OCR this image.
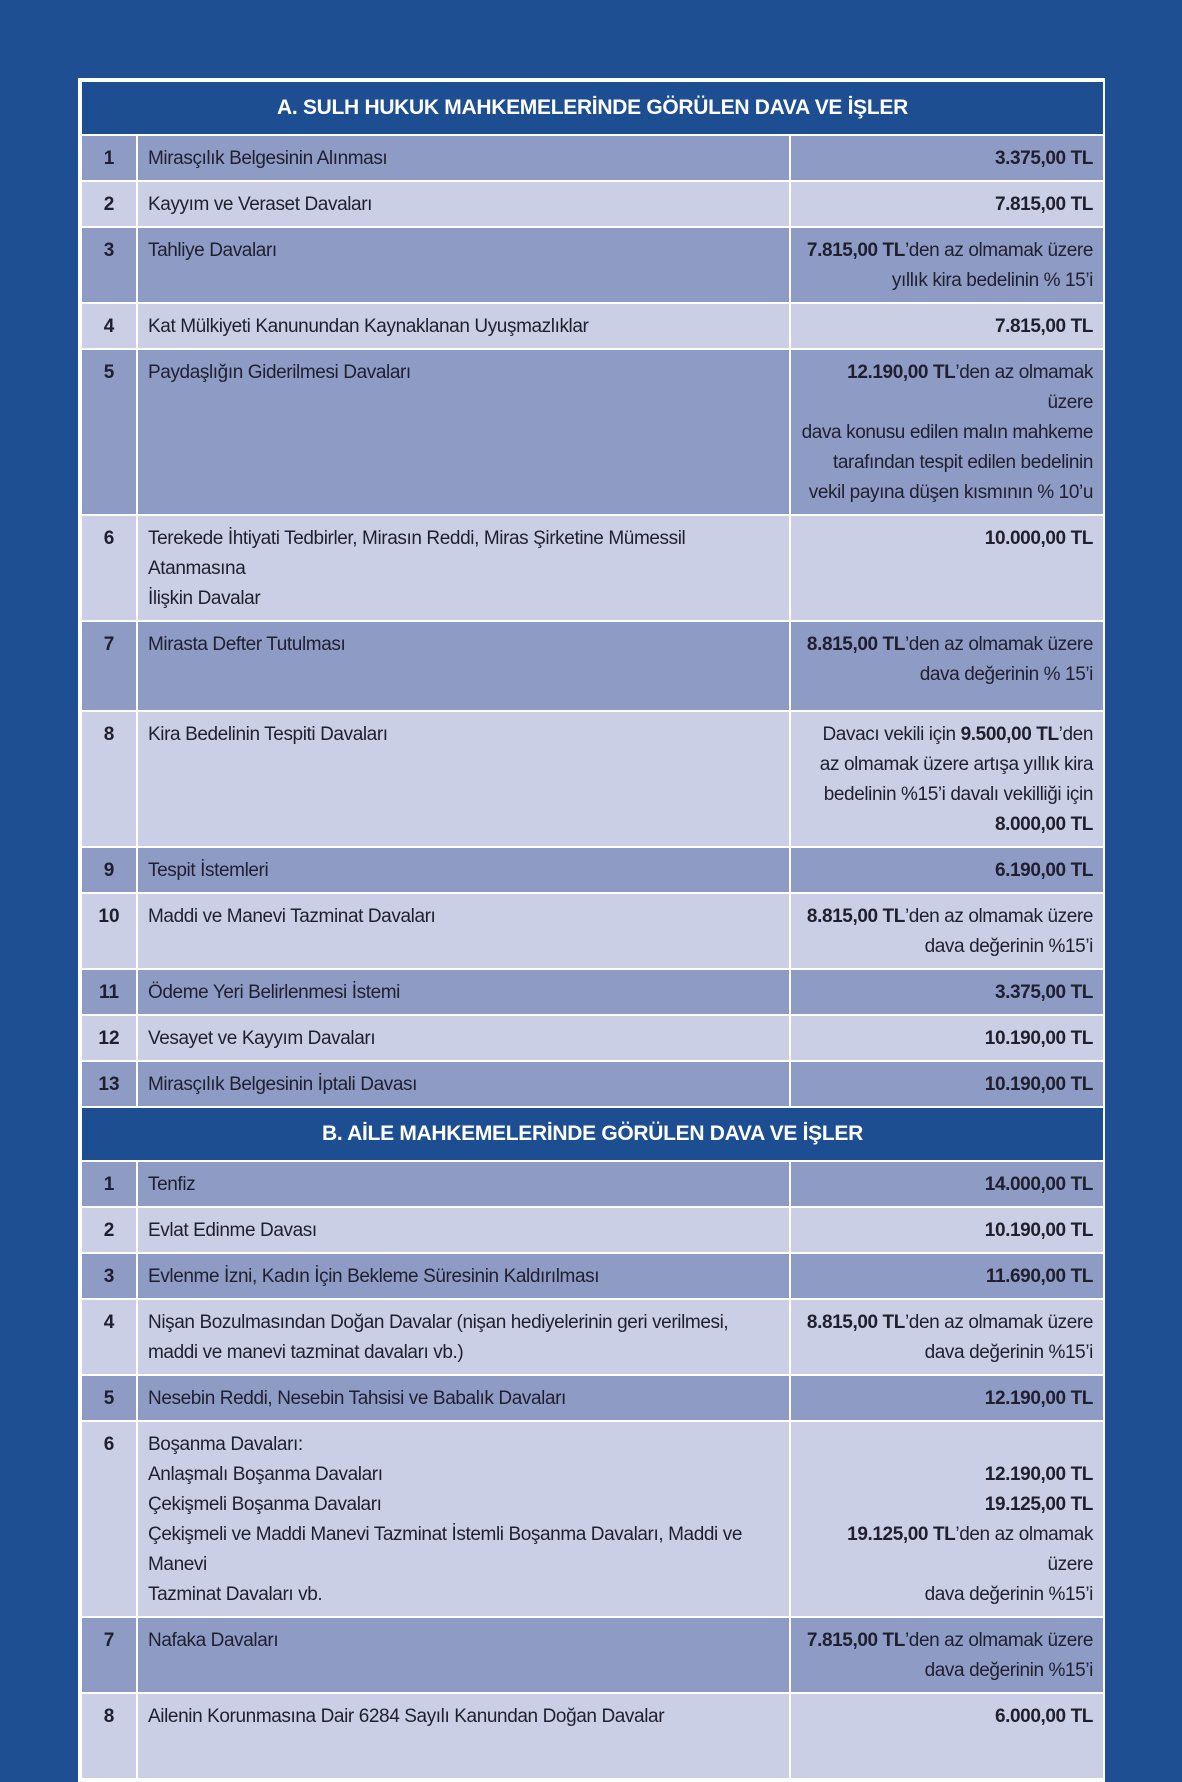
A. SULH HUKUK MAHKEMELERİNDE GÖRÜLEN DAVA VE İŞLER		
1	Mirasçılık Belgesinin Alınması	3.375,00 TL

2	Kayyım ve Veraset Davaları	7.815,00 TL

3	Tahliye Davaları	7.815,00 TL’den az olmamak üzere
yıllık kira bedelinin % 15’i

4	Kat Mülkiyeti Kanunundan Kaynaklanan Uyuşmazlıklar	7.815,00 TL

5	Paydaşlığın Giderilmesi Davaları	12.190,00 TL’den az olmamak üzere
dava konusu edilen malın mahkeme
tarafından tespit edilen bedelinin
vekil payına düşen kısmının % 10’u

6	Terekede İhtiyati Tedbirler, Mirasın Reddi, Miras Şirketine Mümessil Atanmasına
İlişkin Davalar	10.000,00 TL

7	Mirasta Defter Tutulması	8.815,00 TL’den az olmamak üzere
dava değerinin % 15’i

8	Kira Bedelinin Tespiti Davaları	Davacı vekili için 9.500,00 TL’den
az olmamak üzere artışa yıllık kira
bedelinin %15’i davalı vekilliği için
8.000,00 TL

9	Tespit İstemleri	6.190,00 TL

10	Maddi ve Manevi Tazminat Davaları	8.815,00 TL’den az olmamak üzere
dava değerinin %15’i

11	Ödeme Yeri Belirlenmesi İstemi	3.375,00 TL

12	Vesayet ve Kayyım Davaları	10.190,00 TL

13	Mirasçılık Belgesinin İptali Davası	10.190,00 TL

B. AİLE MAHKEMELERİNDE GÖRÜLEN DAVA VE İŞLER		
1	Tenfiz	14.000,00 TL

2	Evlat Edinme Davası	10.190,00 TL

3	Evlenme İzni, Kadın İçin Bekleme Süresinin Kaldırılması	11.690,00 TL

4	Nişan Bozulmasından Doğan Davalar (nişan hediyelerinin geri verilmesi,
maddi ve manevi tazminat davaları vb.)	8.815,00 TL’den az olmamak üzere
dava değerinin %15’i

5	Nesebin Reddi, Nesebin Tahsisi ve Babalık Davaları	12.190,00 TL

6	Boşanma Davaları:
Anlaşmalı Boşanma Davaları
Çekişmeli Boşanma Davaları
Çekişmeli ve Maddi Manevi Tazminat İstemli Boşanma Davaları, Maddi ve Manevi
Tazminat Davaları vb.	12.190,00 TL
19.125,00 TL
19.125,00 TL’den az olmamak üzere
dava değerinin %15’i

7	Nafaka Davaları	7.815,00 TL’den az olmamak üzere
dava değerinin %15’i

8	Ailenin Korunmasına Dair 6284 Sayılı Kanundan Doğan Davalar	6.000,00 TL
